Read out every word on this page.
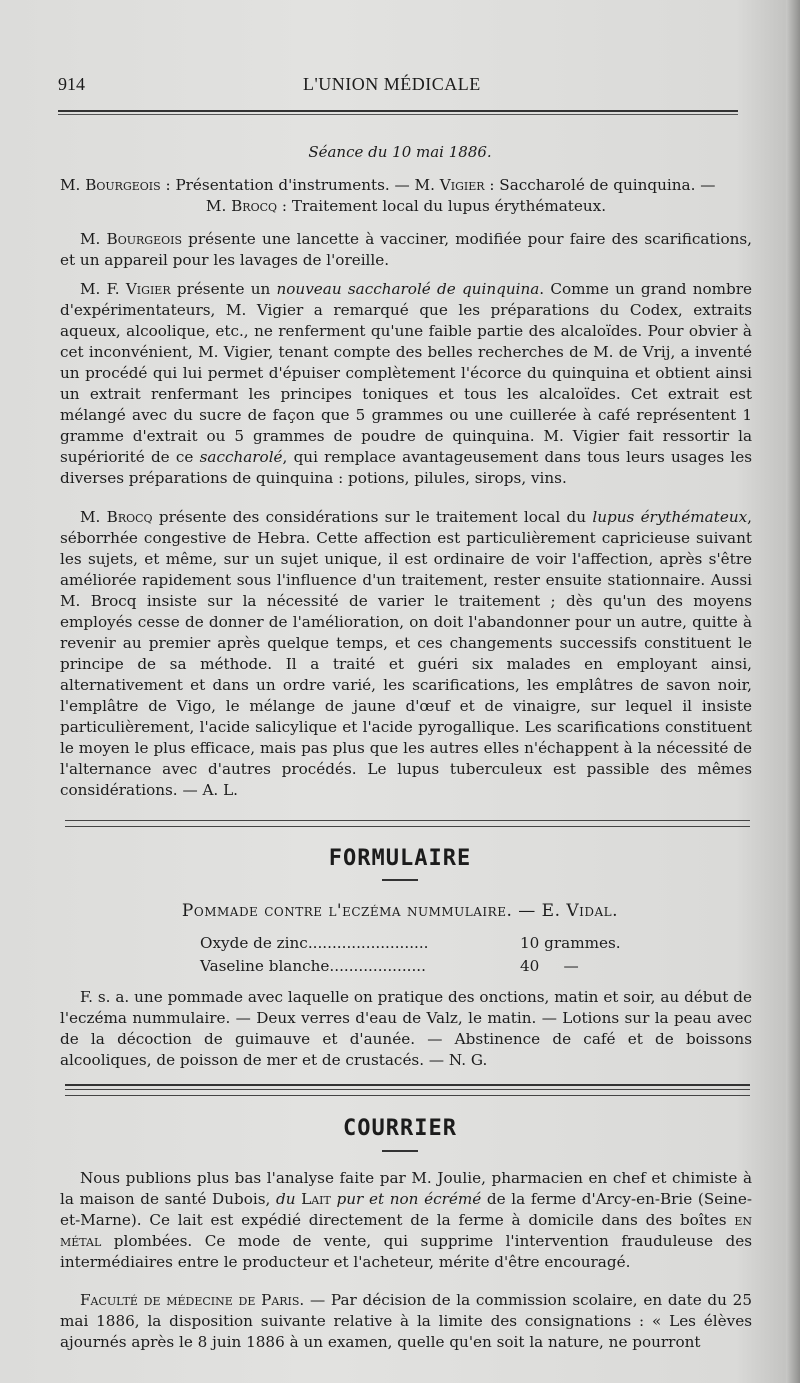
914	L'UNION MÉDICALE
Séance du 10 mai 1886.
M. Bourgeois : Présentation d'instruments. — M. Vigier : Saccharolé de quinquina. —
M. Brocq : Traitement local du lupus érythémateux.

M. Bourgeois présente une lancette à vacciner, modifiée pour faire des scarifications, et un appareil pour les lavages de l'oreille.

M. F. Vigier présente un nouveau saccharolé de quinquina. Comme un grand nombre d'expérimentateurs, M. Vigier a remarqué que les préparations du Codex, extraits aqueux, alcoolique, etc., ne renferment qu'une faible partie des alcaloïdes. Pour obvier à cet inconvénient, M. Vigier, tenant compte des belles recherches de M. de Vrij, a inventé un procédé qui lui permet d'épuiser complètement l'écorce du quinquina et obtient ainsi un extrait renfermant les principes toniques et tous les alcaloïdes. Cet extrait est mélangé avec du sucre de façon que 5 grammes ou une cuillerée à café représentent 1 gramme d'extrait ou 5 grammes de poudre de quinquina. M. Vigier fait ressortir la supériorité de ce saccharolé, qui remplace avantageusement dans tous leurs usages les diverses préparations de quinquina : potions, pilules, sirops, vins.

M. Brocq présente des considérations sur le traitement local du lupus érythémateux, séborrhée congestive de Hebra. Cette affection est particulièrement capricieuse suivant les sujets, et même, sur un sujet unique, il est ordinaire de voir l'affection, après s'être améliorée rapidement sous l'influence d'un traitement, rester ensuite stationnaire. Aussi M. Brocq insiste sur la nécessité de varier le traitement ; dès qu'un des moyens employés cesse de donner de l'amélioration, on doit l'abandonner pour un autre, quitte à revenir au premier après quelque temps, et ces changements successifs constituent le principe de sa méthode. Il a traité et guéri six malades en employant ainsi, alternativement et dans un ordre varié, les scarifications, les emplâtres de savon noir, l'emplâtre de Vigo, le mélange de jaune d'œuf et de vinaigre, sur lequel il insiste particulièrement, l'acide salicylique et l'acide pyrogallique. Les scarifications constituent le moyen le plus efficace, mais pas plus que les autres elles n'échappent à la nécessité de l'alternance avec d'autres procédés. Le lupus tuberculeux est passible des mêmes considérations. — A. L.

FORMULAIRE
Pommade contre l'eczéma nummulaire. — E. Vidal.
Oxyde de zinc.........................	10 grammes.
Vaseline blanche....................	40     —

F. s. a. une pommade avec laquelle on pratique des onctions, matin et soir, au début de l'eczéma nummulaire. — Deux verres d'eau de Valz, le matin. — Lotions sur la peau avec de la décoction de guimauve et d'aunée. — Abstinence de café et de boissons alcooliques, de poisson de mer et de crustacés. — N. G.

COURRIER

Nous publions plus bas l'analyse faite par M. Joulie, pharmacien en chef et chimiste à la maison de santé Dubois, du Lait pur et non écrémé de la ferme d'Arcy-en-Brie (Seine-et-Marne). Ce lait est expédié directement de la ferme à domicile dans des boîtes en métal plombées. Ce mode de vente, qui supprime l'intervention frauduleuse des intermédiaires entre le producteur et l'acheteur, mérite d'être encouragé.

Faculté de médecine de Paris. — Par décision de la commission scolaire, en date du 25 mai 1886, la disposition suivante relative à la limite des consignations : « Les élèves ajournés après le 8 juin 1886 à un examen, quelle qu'en soit la nature, ne pourront
